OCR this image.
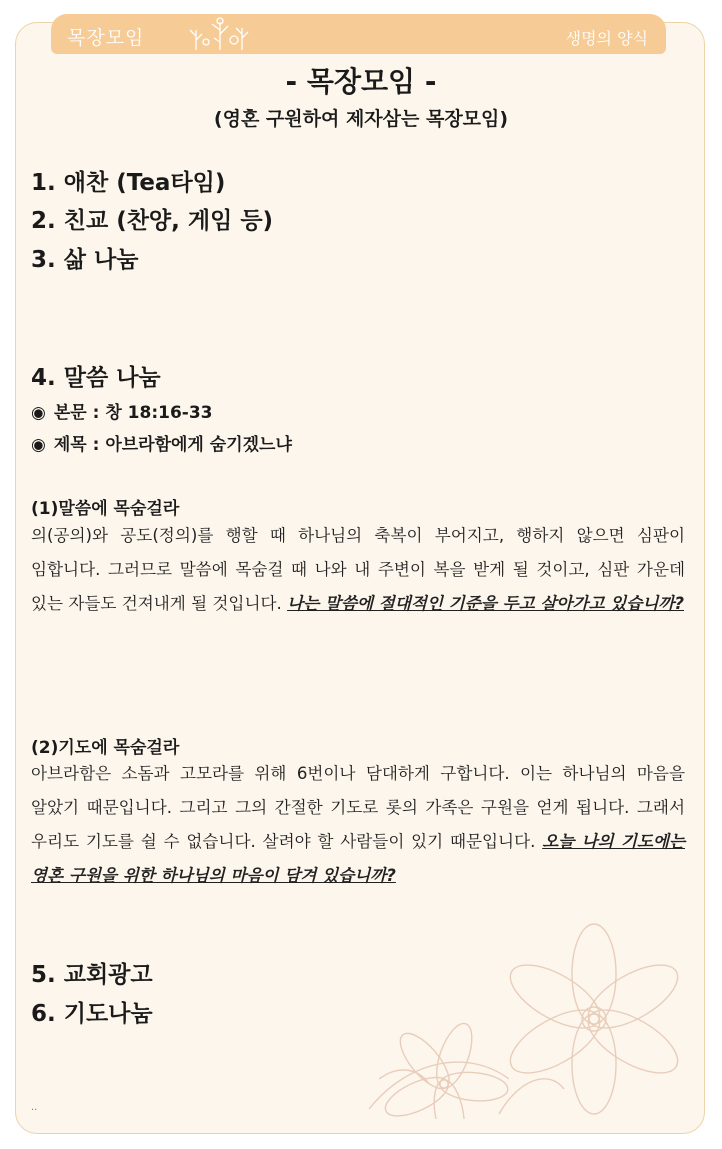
목장모임	생명의 양식
- 목장모임 -
(영혼 구원하여 제자삼는 목장모임)
1. 애찬 (Tea타임)
2. 친교 (찬양, 게임 등)
3. 삶 나눔
4. 말씀 나눔
◉ 본문 : 창 18:16-33
◉ 제목 : 아브라함에게 숨기겠느냐
(1)말씀에 목숨걸라
의(공의)와 공도(정의)를 행할 때 하나님의 축복이 부어지고, 행하지 않으면 심판이 임합니다. 그러므로 말씀에 목숨걸 때 나와 내 주변이 복을 받게 될 것이고, 심판 가운데 있는 자들도 건져내게 될 것입니다. 나는 말씀에 절대적인 기준을 두고 살아가고 있습니까?
(2)기도에 목숨걸라
아브라함은 소돔과 고모라를 위해 6번이나 담대하게 구합니다. 이는 하나님의 마음을 알았기 때문입니다. 그리고 그의 간절한 기도로 롯의 가족은 구원을 얻게 됩니다. 그래서 우리도 기도를 쉴 수 없습니다. 살려야 할 사람들이 있기 때문입니다. 오늘 나의 기도에는 영혼 구원을 위한 하나님의 마음이 담겨 있습니까?
5. 교회광고
6. 기도나눔
..
